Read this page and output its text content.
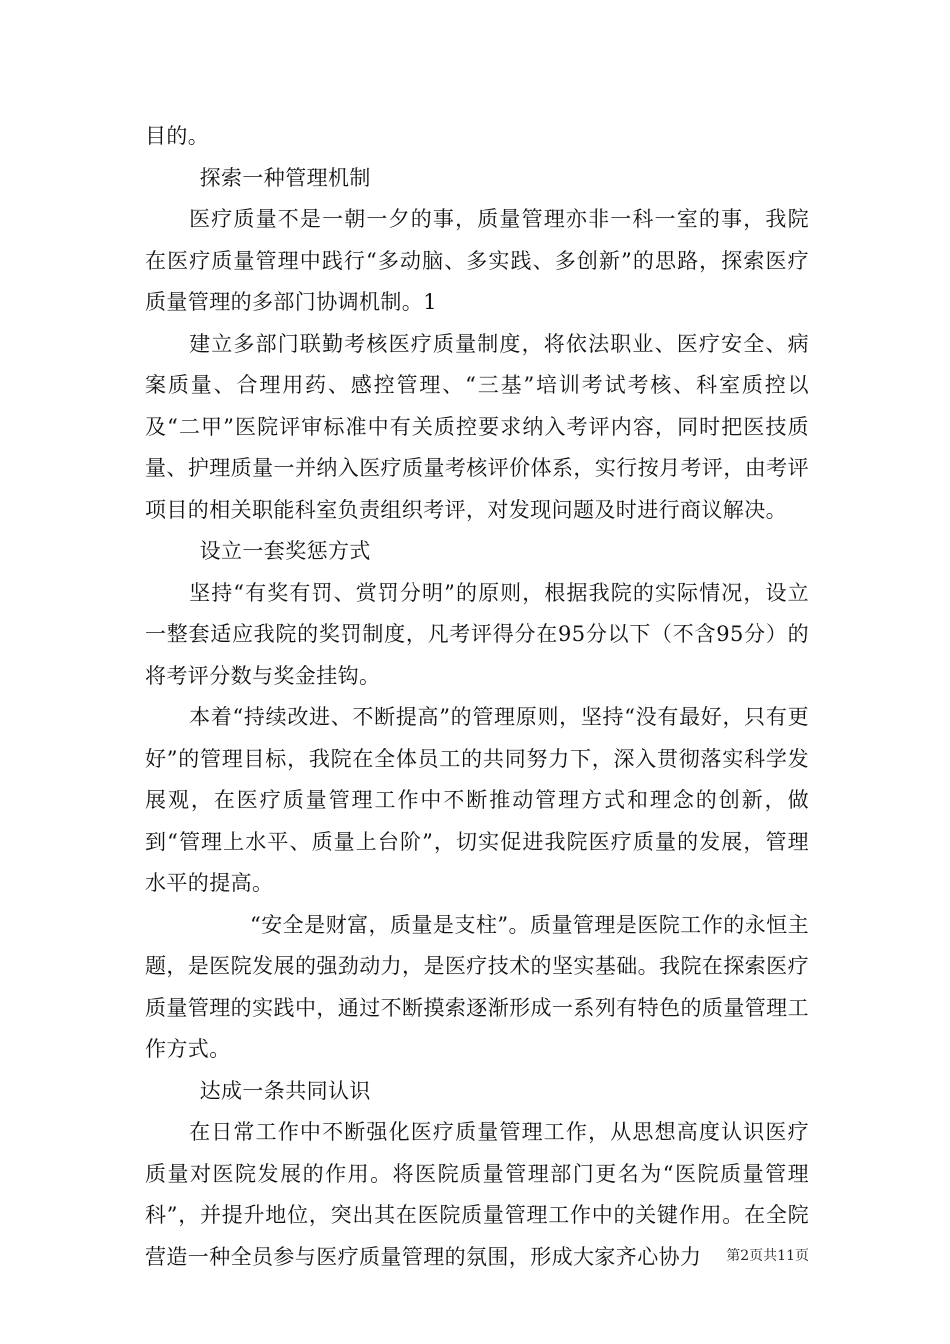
目的。

探索一种管理机制

医疗质量不是一朝一夕的事，质量管理亦非一科一室的事，我院在医疗质量管理中践行“多动脑、多实践、多创新”的思路，探索医疗质量管理的多部门协调机制。1

建立多部门联勤考核医疗质量制度，将依法职业、医疗安全、病案质量、合理用药、感控管理、“三基”培训考试考核、科室质控以及“二甲”医院评审标准中有关质控要求纳入考评内容，同时把医技质量、护理质量一并纳入医疗质量考核评价体系，实行按月考评，由考评项目的相关职能科室负责组织考评，对发现问题及时进行商议解决。

设立一套奖惩方式

坚持“有奖有罚、赏罚分明”的原则，根据我院的实际情况，设立一整套适应我院的奖罚制度，凡考评得分在95分以下（不含95分）的将考评分数与奖金挂钩。

本着“持续改进、不断提高”的管理原则，坚持“没有最好，只有更好”的管理目标，我院在全体员工的共同努力下，深入贯彻落实科学发展观，在医疗质量管理工作中不断推动管理方式和理念的创新，做到“管理上水平、质量上台阶”，切实促进我院医疗质量的发展，管理水平的提高。

“安全是财富，质量是支柱”。质量管理是医院工作的永恒主题，是医院发展的强劲动力，是医疗技术的坚实基础。我院在探索医疗质量管理的实践中，通过不断摸索逐渐形成一系列有特色的质量管理工作方式。

达成一条共同认识

在日常工作中不断强化医疗质量管理工作，从思想高度认识医疗质量对医院发展的作用。将医院质量管理部门更名为“医院质量管理科”，并提升地位，突出其在医院质量管理工作中的关键作用。在全院营造一种全员参与医疗质量管理的氛围，形成大家齐心协力	第2页共11页
